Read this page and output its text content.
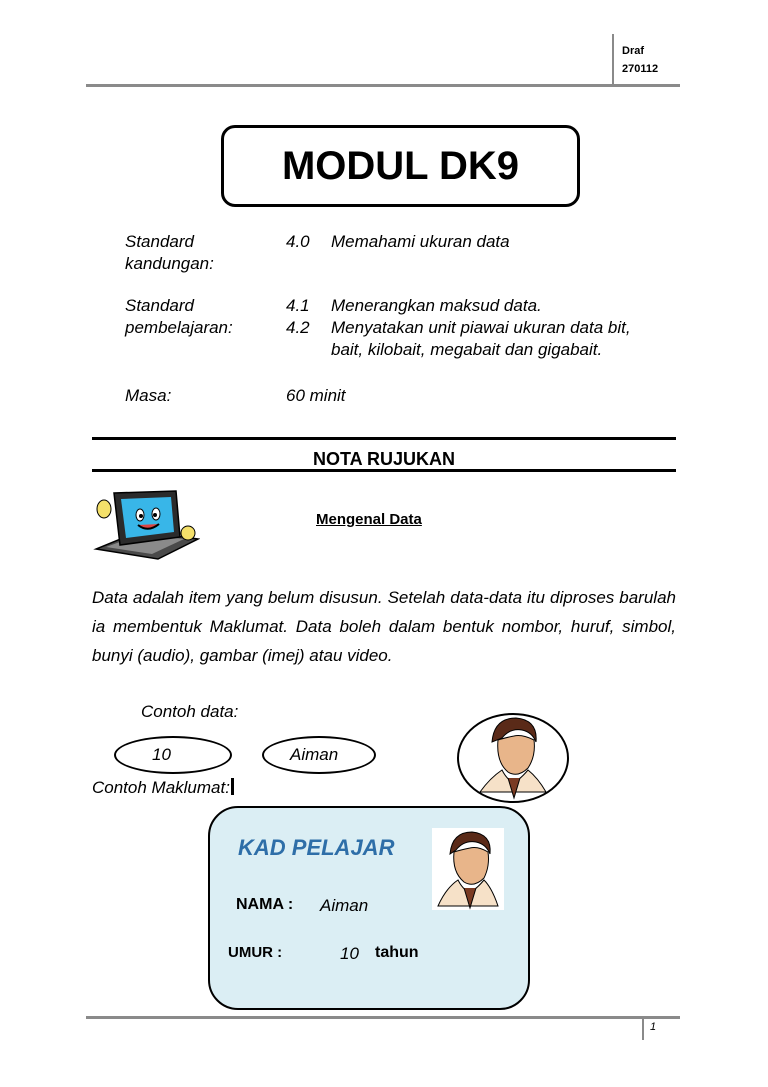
Draf
270112
MODUL DK9
Standard
kandungan:
4.0 Memahami ukuran data
Standard
pembelajaran:
4.1 Menerangkan maksud data.
4.2 Menyatakan unit piawai ukuran data bit,
bait, kilobait, megabait dan gigabait.
Masa:	60 minit
NOTA RUJUKAN
Mengenal Data
Data adalah item yang belum disusun. Setelah data-data itu diproses barulah ia membentuk Maklumat. Data boleh dalam bentuk nombor, huruf, simbol, bunyi (audio), gambar (imej) atau video.
Contoh data:
10	Aiman
Contoh Maklumat:
KAD PELAJAR
NAMA : Aiman
UMUR :	10 tahun
1
